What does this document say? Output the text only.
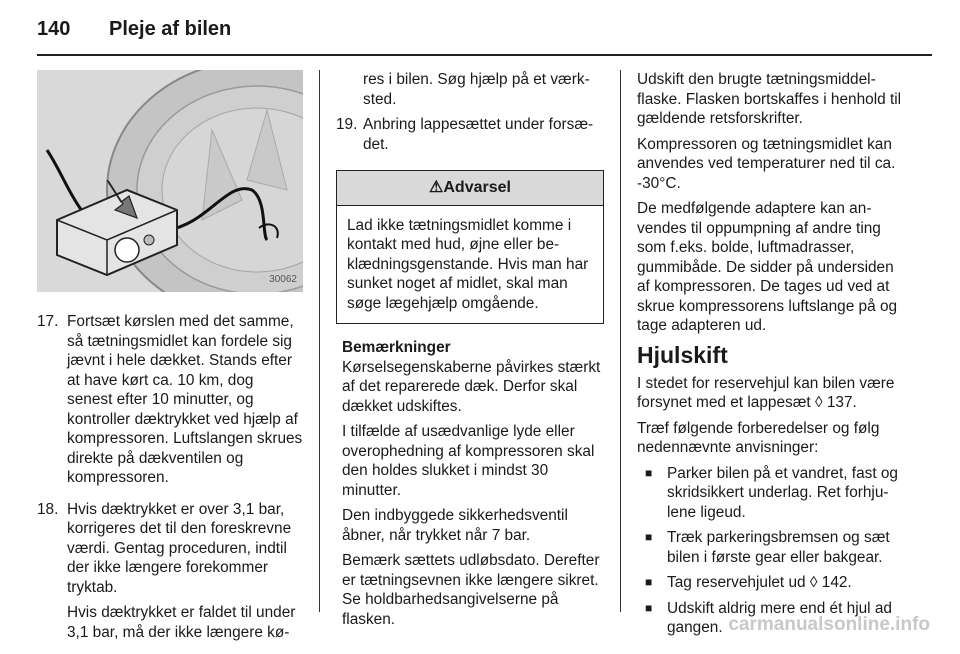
140 Pleje af bilen
30062
17. Fortsæt kørslen med det samme, så tætningsmidlet kan fordele sig jævnt i hele dækket. Stands efter at have kørt ca. 10 km, dog senest efter 10 minutter, og kontroller dæktrykket ved hjælp af kompressoren. Luftslangen skrues direkte på dækventilen og kompressoren.

18. Hvis dæktrykket er over 3,1 bar, korrigeres det til den foreskrevne værdi. Gentag proceduren, indtil der ikke længere forekommer tryktab.

Hvis dæktrykket er faldet til under 3,1 bar, må der ikke længere kø-

res i bilen. Søg hjælp på et værksted.

19. Anbring lappesættet under forsædet.

⚠Advarsel
Lad ikke tætningsmidlet komme i kontakt med hud, øjne eller beklædningsgenstande. Hvis man har sunket noget af midlet, skal man søge lægehjælp omgående.

Bemærkninger

Kørselsegenskaberne påvirkes stærkt af det reparerede dæk. Derfor skal dækket udskiftes.

I tilfælde af usædvanlige lyde eller overophedning af kompressoren skal den holdes slukket i mindst 30 minutter.

Den indbyggede sikkerhedsventil åbner, når trykket når 7 bar.

Bemærk sættets udløbsdato. Derefter er tætningsevnen ikke længere sikret. Se holdbarhedsangivelserne på flasken.

Udskift den brugte tætningsmiddelflaske. Flasken bortskaffes i henhold til gældende retsforskrifter.

Kompressoren og tætningsmidlet kan anvendes ved temperaturer ned til ca. -30°C.

De medfølgende adaptere kan anvendes til oppumpning af andre ting som f.eks. bolde, luftmadrasser, gummibåde. De sidder på undersiden af kompressoren. De tages ud ved at skrue kompressorens luftslange på og tage adapteren ud.

Hjulskift

I stedet for reservehjul kan bilen være forsynet med et lappesæt ◊ 137.

Træf følgende forberedelser og følg nedennævnte anvisninger:

■ Parker bilen på et vandret, fast og skridsikkert underlag. Ret forhjulene ligeud.
■ Træk parkeringsbremsen og sæt bilen i første gear eller bakgear.
■ Tag reservehjulet ud ◊ 142.
■ Udskift aldrig mere end ét hjul ad gangen. carmanualsonline.info
